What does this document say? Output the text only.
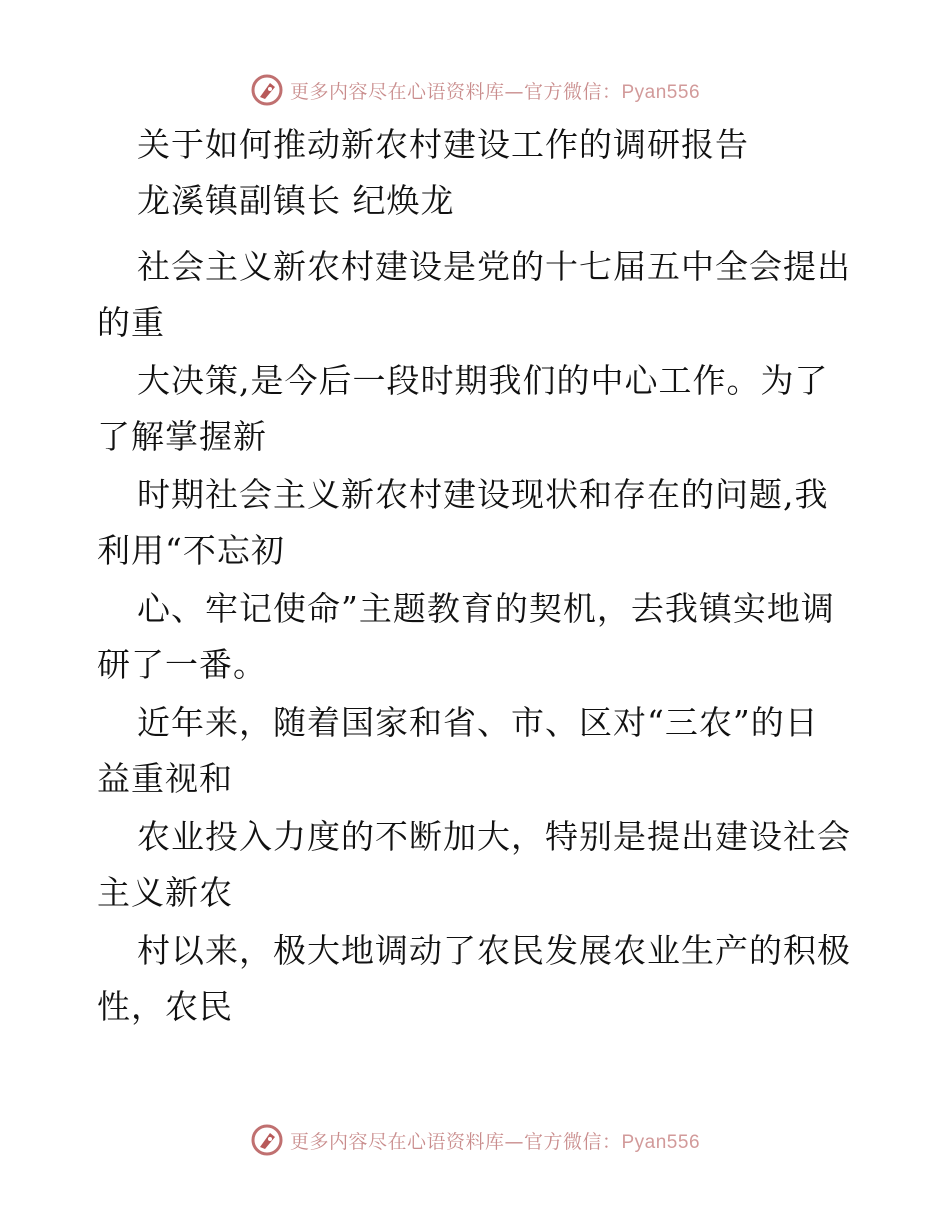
更多内容尽在心语资料库—官方微信：Pyan556
关于如何推动新农村建设工作的调研报告
龙溪镇副镇长 纪焕龙
社会主义新农村建设是党的十七届五中全会提出
的重
大决策,是今后一段时期我们的中心工作。为了
了解掌握新
时期社会主义新农村建设现状和存在的问题,我
利用“不忘初
心、牢记使命”主题教育的契机，去我镇实地调
研了一番。
近年来，随着国家和省、市、区对“三农”的日
益重视和
农业投入力度的不断加大，特别是提出建设社会
主义新农
村以来，极大地调动了农民发展农业生产的积极
性，农民
更多内容尽在心语资料库—官方微信：Pyan556
